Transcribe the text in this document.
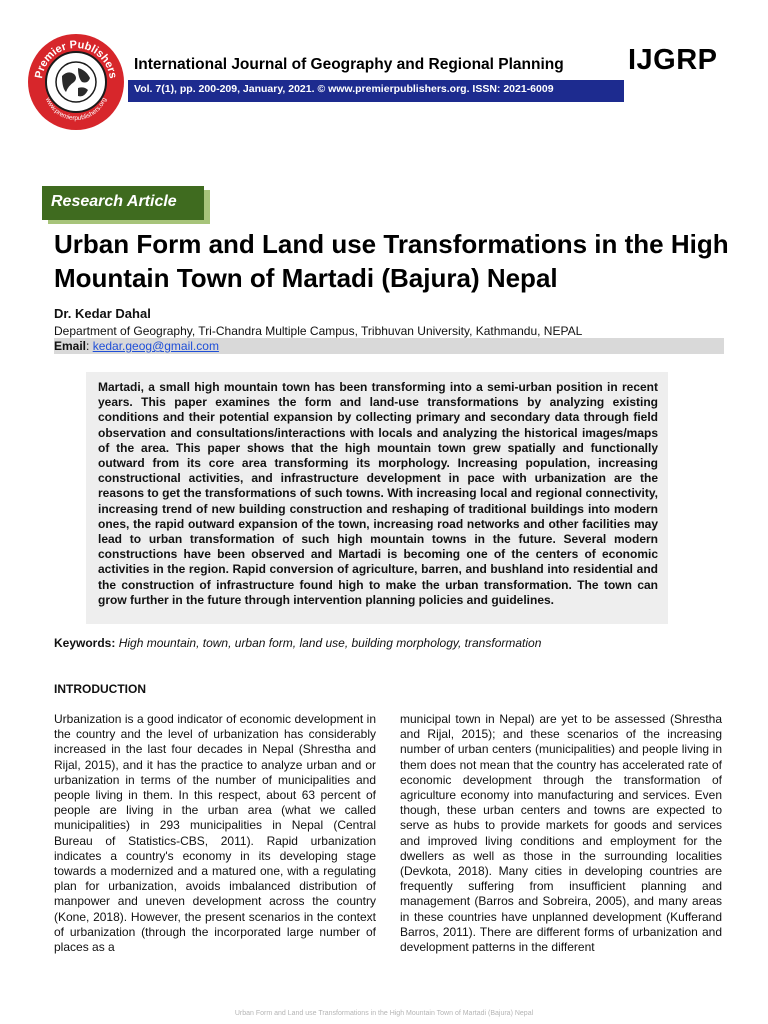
Premier Publishers
www.premierpublishers.org
International Journal of Geography and Regional Planning
Vol. 7(1), pp. 200-209, January, 2021. © www.premierpublishers.org. ISSN: 2021-6009
IJGRP
Research Article
Urban Form and Land use Transformations in the High Mountain Town of Martadi (Bajura) Nepal
Dr. Kedar Dahal
Department of Geography, Tri-Chandra Multiple Campus, Tribhuvan University, Kathmandu, NEPAL
Email: kedar.geog@gmail.com

Martadi, a small high mountain town has been transforming into a semi-urban position in recent years. This paper examines the form and land-use transformations by analyzing existing conditions and their potential expansion by collecting primary and secondary data through field observation and consultations/interactions with locals and analyzing the historical images/maps of the area. This paper shows that the high mountain town grew spatially and functionally outward from its core area transforming its morphology. Increasing population, increasing constructional activities, and infrastructure development in pace with urbanization are the reasons to get the transformations of such towns. With increasing local and regional connectivity, increasing trend of new building construction and reshaping of traditional buildings into modern ones, the rapid outward expansion of the town, increasing road networks and other facilities may lead to urban transformation of such high mountain towns in the future. Several modern constructions have been observed and Martadi is becoming one of the centers of economic activities in the region. Rapid conversion of agriculture, barren, and bushland into residential and the construction of infrastructure found high to make the urban transformation. The town can grow further in the future through intervention planning policies and guidelines.

Keywords: High mountain, town, urban form, land use, building morphology, transformation
INTRODUCTION

Urbanization is a good indicator of economic development in the country and the level of urbanization has considerably increased in the last four decades in Nepal (Shrestha and Rijal, 2015), and it has the practice to analyze urban and or urbanization in terms of the number of municipalities and people living in them. In this respect, about 63 percent of people are living in the urban area (what we called municipalities) in 293 municipalities in Nepal (Central Bureau of Statistics-CBS, 2011). Rapid urbanization indicates a country's economy in its developing stage towards a modernized and a matured one, with a regulating plan for urbanization, avoids imbalanced distribution of manpower and uneven development across the country (Kone, 2018). However, the present scenarios in the context of urbanization (through the incorporated large number of places as a

municipal town in Nepal) are yet to be assessed (Shrestha and Rijal, 2015); and these scenarios of the increasing number of urban centers (municipalities) and people living in them does not mean that the country has accelerated rate of economic development through the transformation of agriculture economy into manufacturing and services. Even though, these urban centers and towns are expected to serve as hubs to provide markets for goods and services and improved living conditions and employment for the dwellers as well as those in the surrounding localities (Devkota, 2018). Many cities in developing countries are frequently suffering from insufficient planning and management (Barros and Sobreira, 2005), and many areas in these countries have unplanned development (Kufferand Barros, 2011). There are different forms of urbanization and development patterns in the different

Urban Form and Land use Transformations in the High Mountain Town of Martadi (Bajura) Nepal
